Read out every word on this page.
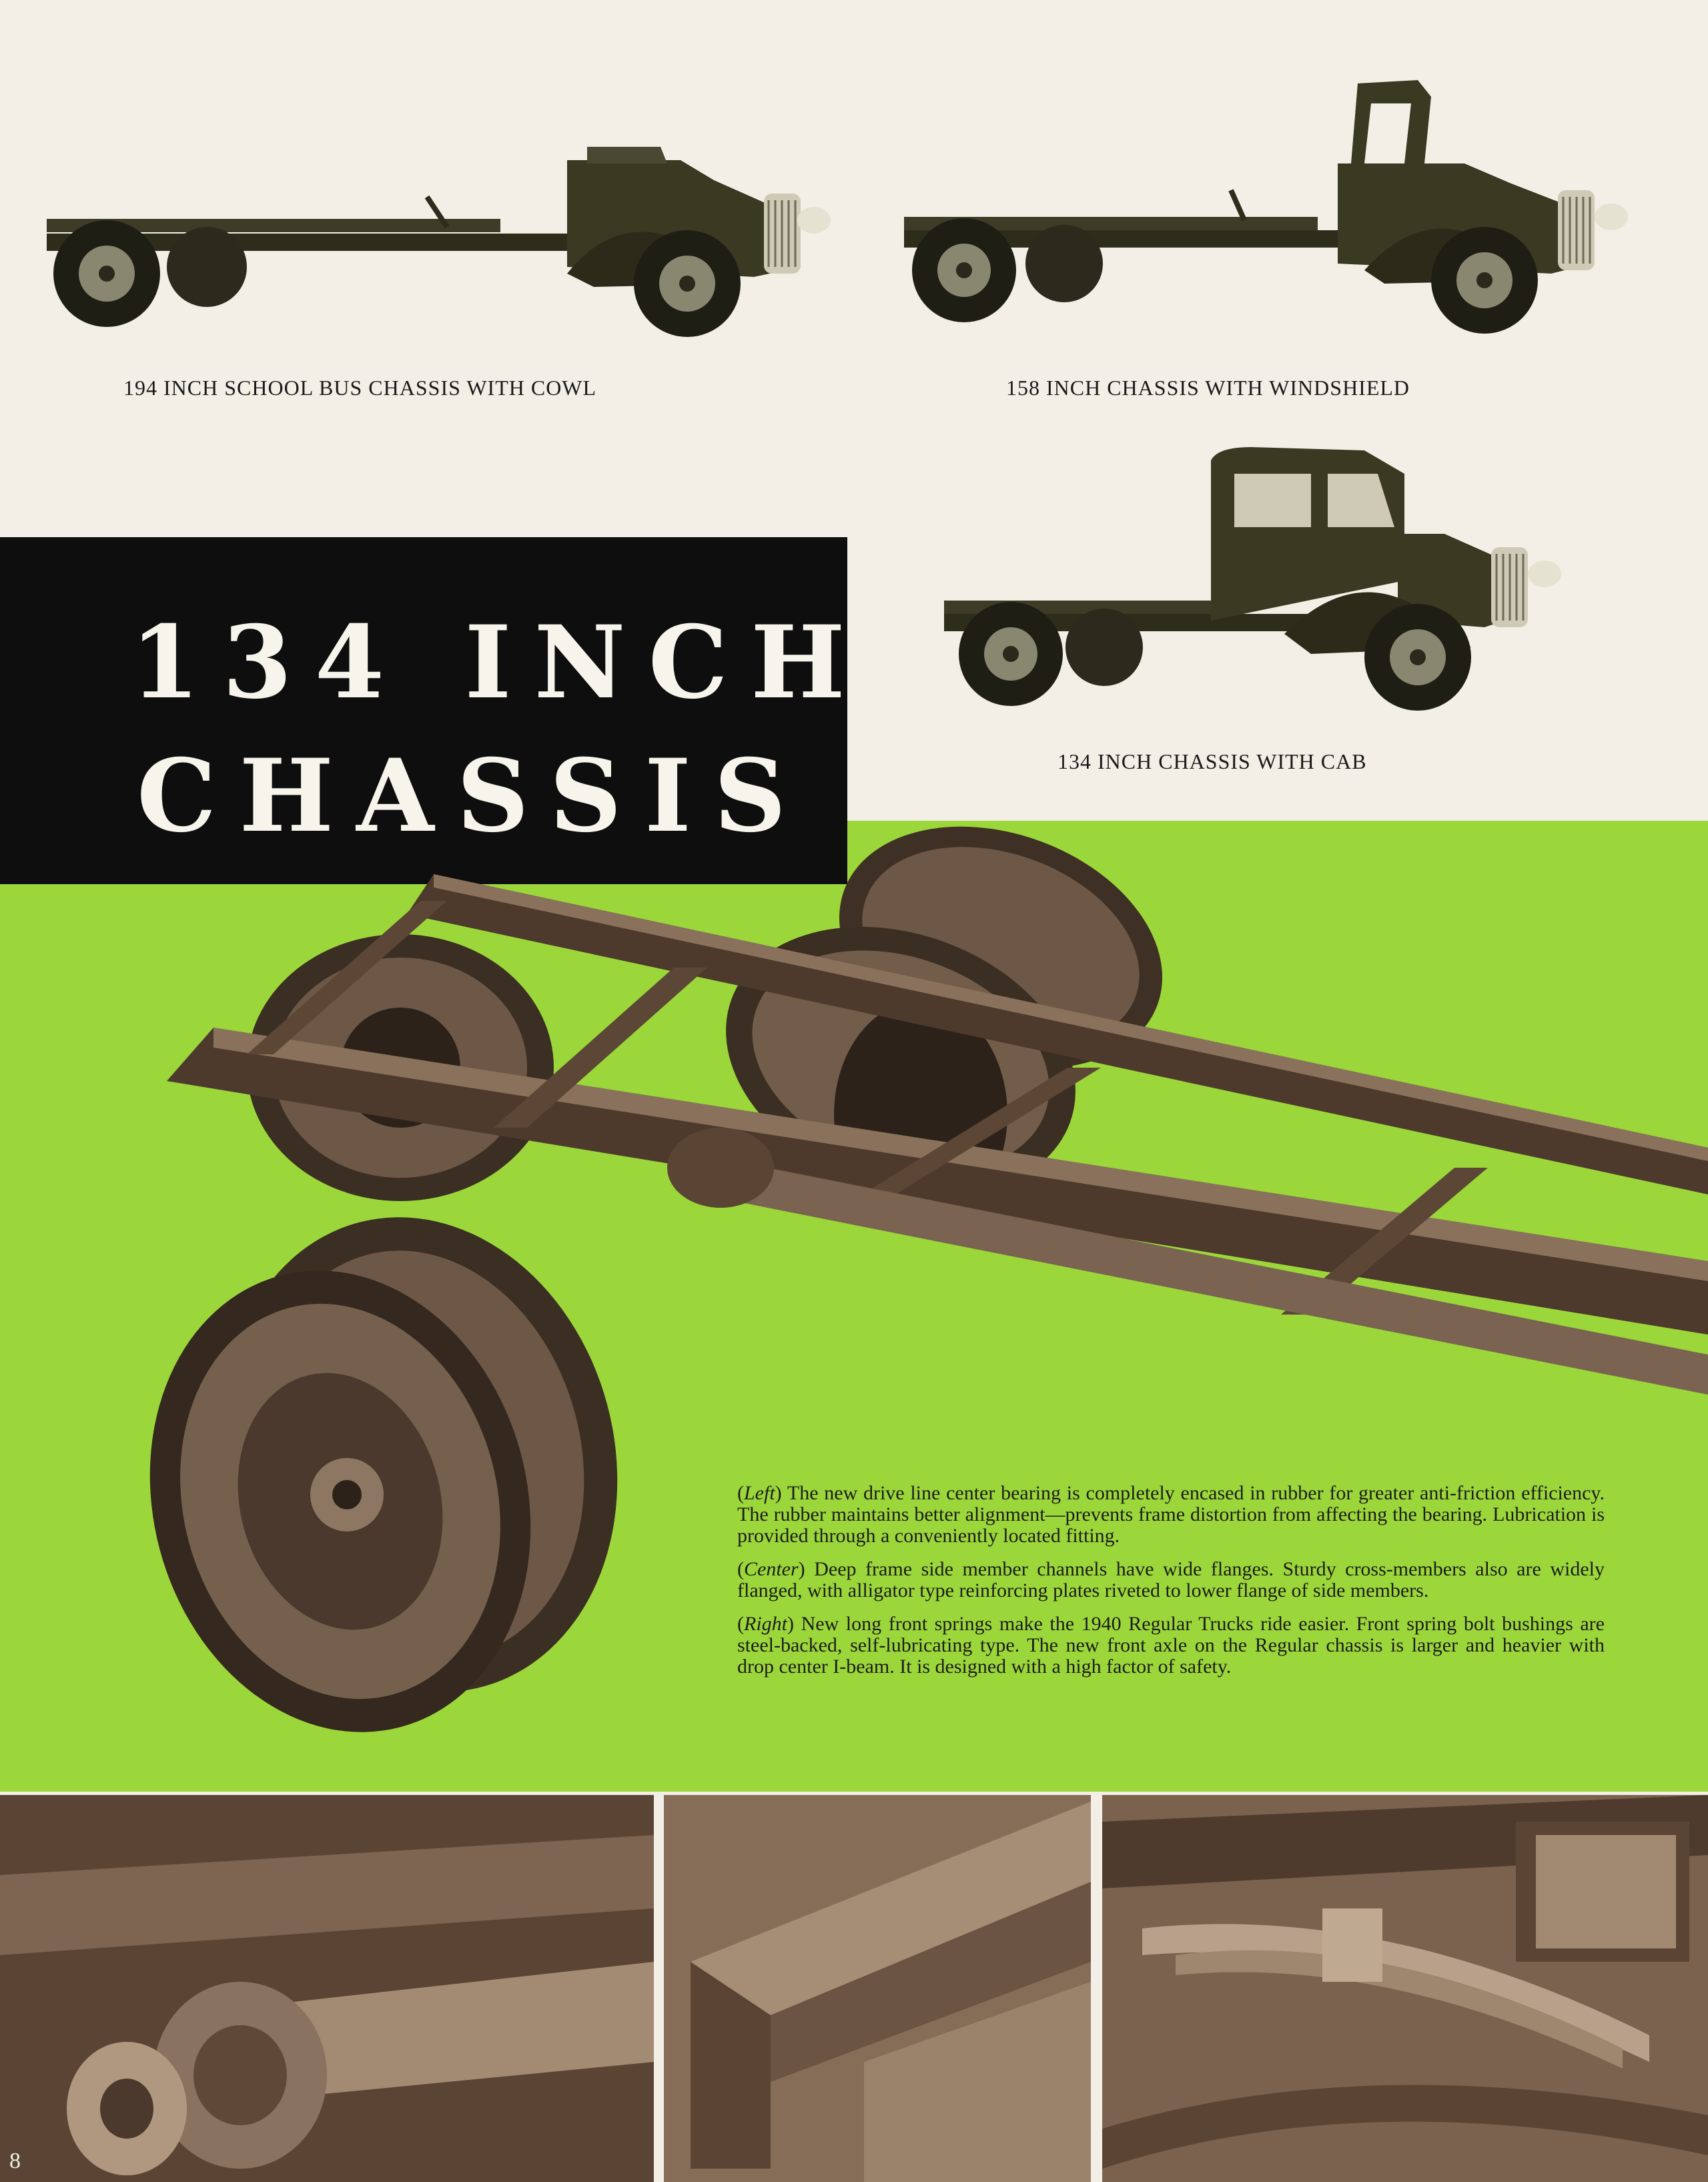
194 INCH SCHOOL BUS CHASSIS WITH COWL	158 INCH CHASSIS WITH WINDSHIELD
134 INCH CHASSIS WITH CAB
134 INCH
CHASSIS

(Left) The new drive line center bearing is completely encased in rubber for greater anti-friction efficiency. The rubber maintains better alignment—prevents frame distortion from affecting the bearing. Lubrication is provided through a conveniently located fitting.

(Center) Deep frame side member channels have wide flanges. Sturdy cross-members also are widely flanged, with alligator type reinforcing plates riveted to lower flange of side members.

(Right) New long front springs make the 1940 Regular Trucks ride easier. Front spring bolt bushings are steel-backed, self-lubricating type. The new front axle on the Regular chassis is larger and heavier with drop center I-beam. It is designed with a high factor of safety.

8
